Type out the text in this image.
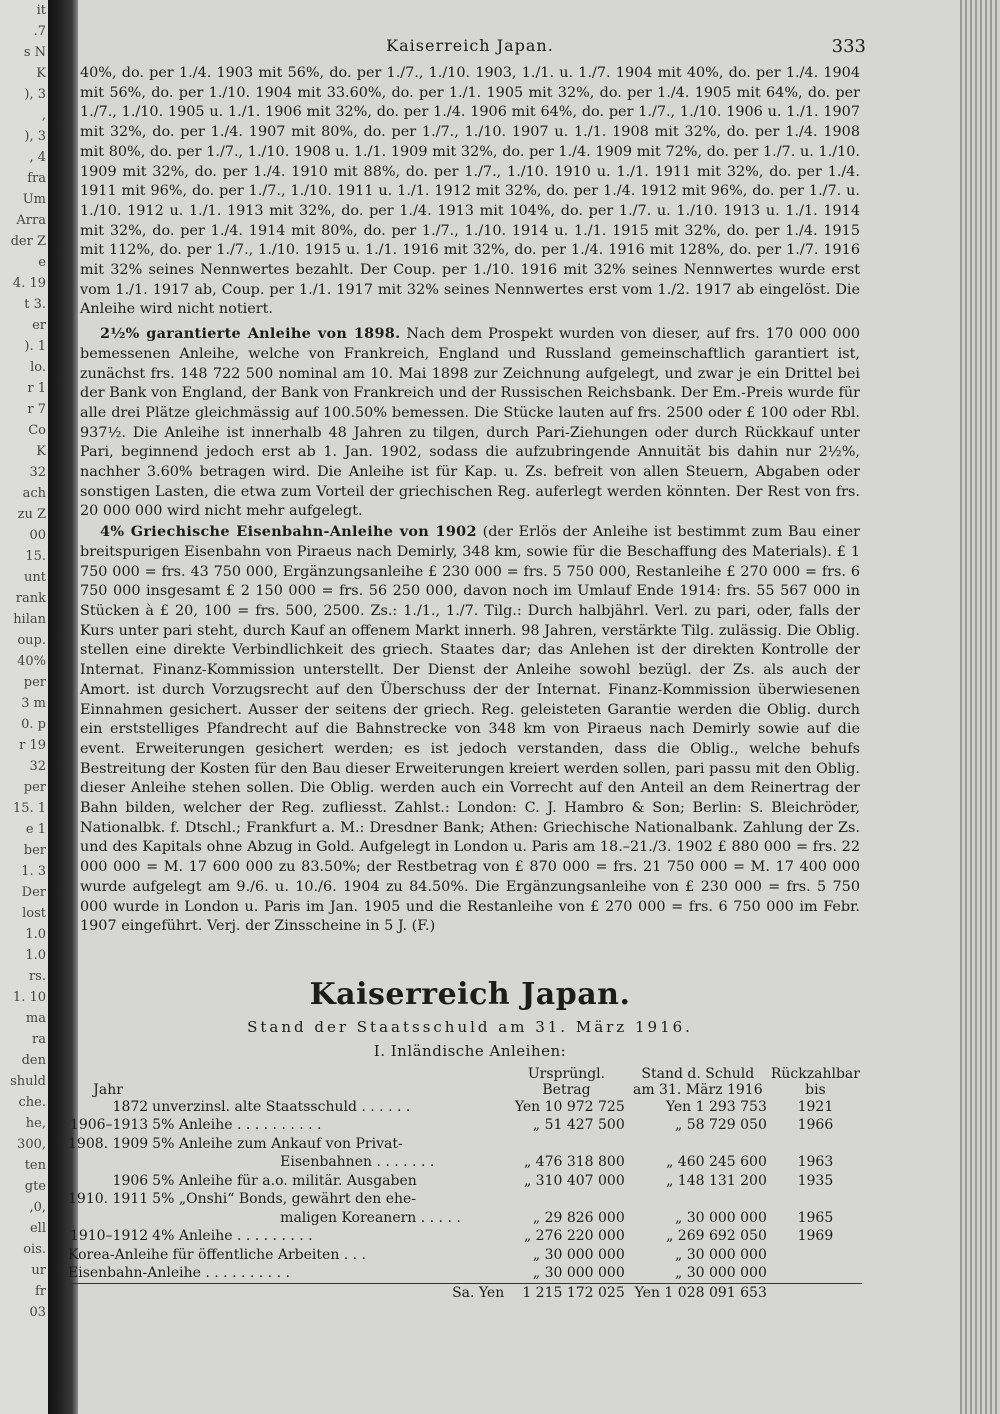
it
.7
s N
K
), 3
,
), 3
, 4
fra
Um
Arra
der Z
e
4. 19
t 3.
er
). 1
lo.
r 1
r 7
Co
K
32
ach
zu Z
00
15.
unt
rank
hilan
oup.
40%
per
3 m
0. p
r 19
32
per
15. 1
e 1
ber
1. 3
Der
lost
1.0
1.0
rs.
1. 10
ma
ra
den
shuld
che.
he,
300,
ten
gte
,0,
ell
ois.
ur
fr
03
Kaiserreich Japan.	333

40%, do. per 1./4. 1903 mit 56%, do. per 1./7., 1./10. 1903, 1./1. u. 1./7. 1904 mit 40%, do. per 1./4. 1904 mit 56%, do. per 1./10. 1904 mit 33.60%, do. per 1./1. 1905 mit 32%, do. per 1./4. 1905 mit 64%, do. per 1./7., 1./10. 1905 u. 1./1. 1906 mit 32%, do. per 1./4. 1906 mit 64%, do. per 1./7., 1./10. 1906 u. 1./1. 1907 mit 32%, do. per 1./4. 1907 mit 80%, do. per 1./7., 1./10. 1907 u. 1./1. 1908 mit 32%, do. per 1./4. 1908 mit 80%, do. per 1./7., 1./10. 1908 u. 1./1. 1909 mit 32%, do. per 1./4. 1909 mit 72%, do. per 1./7. u. 1./10. 1909 mit 32%, do. per 1./4. 1910 mit 88%, do. per 1./7., 1./10. 1910 u. 1./1. 1911 mit 32%, do. per 1./4. 1911 mit 96%, do. per 1./7., 1./10. 1911 u. 1./1. 1912 mit 32%, do. per 1./4. 1912 mit 96%, do. per 1./7. u. 1./10. 1912 u. 1./1. 1913 mit 32%, do. per 1./4. 1913 mit 104%, do. per 1./7. u. 1./10. 1913 u. 1./1. 1914 mit 32%, do. per 1./4. 1914 mit 80%, do. per 1./7., 1./10. 1914 u. 1./1. 1915 mit 32%, do. per 1./4. 1915 mit 112%, do. per 1./7., 1./10. 1915 u. 1./1. 1916 mit 32%, do. per 1./4. 1916 mit 128%, do. per 1./7. 1916 mit 32% seines Nennwertes bezahlt. Der Coup. per 1./10. 1916 mit 32% seines Nennwertes wurde erst vom 1./1. 1917 ab, Coup. per 1./1. 1917 mit 32% seines Nennwertes erst vom 1./2. 1917 ab eingelöst. Die Anleihe wird nicht notiert.

2½% garantierte Anleihe von 1898. Nach dem Prospekt wurden von dieser, auf frs. 170 000 000 bemessenen Anleihe, welche von Frankreich, England und Russland gemeinschaftlich garantiert ist, zunächst frs. 148 722 500 nominal am 10. Mai 1898 zur Zeichnung aufgelegt, und zwar je ein Drittel bei der Bank von England, der Bank von Frankreich und der Russischen Reichsbank. Der Em.-Preis wurde für alle drei Plätze gleichmässig auf 100.50% bemessen. Die Stücke lauten auf frs. 2500 oder £ 100 oder Rbl. 937½. Die Anleihe ist innerhalb 48 Jahren zu tilgen, durch Pari-Ziehungen oder durch Rückkauf unter Pari, beginnend jedoch erst ab 1. Jan. 1902, sodass die aufzubringende Annuität bis dahin nur 2½%, nachher 3.60% betragen wird. Die Anleihe ist für Kap. u. Zs. befreit von allen Steuern, Abgaben oder sonstigen Lasten, die etwa zum Vorteil der griechischen Reg. auferlegt werden könnten. Der Rest von frs. 20 000 000 wird nicht mehr aufgelegt.

4% Griechische Eisenbahn-Anleihe von 1902 (der Erlös der Anleihe ist bestimmt zum Bau einer breitspurigen Eisenbahn von Piraeus nach Demirly, 348 km, sowie für die Beschaffung des Materials). £ 1 750 000 = frs. 43 750 000, Ergänzungsanleihe £ 230 000 = frs. 5 750 000, Restanleihe £ 270 000 = frs. 6 750 000 insgesamt £ 2 150 000 = frs. 56 250 000, davon noch im Umlauf Ende 1914: frs. 55 567 000 in Stücken à £ 20, 100 = frs. 500, 2500. Zs.: 1./1., 1./7. Tilg.: Durch halbjährl. Verl. zu pari, oder, falls der Kurs unter pari steht, durch Kauf an offenem Markt innerh. 98 Jahren, verstärkte Tilg. zulässig. Die Oblig. stellen eine direkte Verbindlichkeit des griech. Staates dar; das Anlehen ist der direkten Kontrolle der Internat. Finanz-Kommission unterstellt. Der Dienst der Anleihe sowohl bezügl. der Zs. als auch der Amort. ist durch Vorzugsrecht auf den Überschuss der der Internat. Finanz-Kommission überwiesenen Einnahmen gesichert. Ausser der seitens der griech. Reg. geleisteten Garantie werden die Oblig. durch ein erststelliges Pfandrecht auf die Bahnstrecke von 348 km von Piraeus nach Demirly sowie auf die event. Erweiterungen gesichert werden; es ist jedoch verstanden, dass die Oblig., welche behufs Bestreitung der Kosten für den Bau dieser Erweiterungen kreiert werden sollen, pari passu mit den Oblig. dieser Anleihe stehen sollen. Die Oblig. werden auch ein Vorrecht auf den Anteil an dem Reinertrag der Bahn bilden, welcher der Reg. zufliesst. Zahlst.: London: C. J. Hambro & Son; Berlin: S. Bleichröder, Nationalbk. f. Dtschl.; Frankfurt a. M.: Dresdner Bank; Athen: Griechische Nationalbank. Zahlung der Zs. und des Kapitals ohne Abzug in Gold. Aufgelegt in London u. Paris am 18.–21./3. 1902 £ 880 000 = frs. 22 000 000 = M. 17 600 000 zu 83.50%; der Restbetrag von £ 870 000 = frs. 21 750 000 = M. 17 400 000 wurde aufgelegt am 9./6. u. 10./6. 1904 zu 84.50%. Die Ergänzungsanleihe von £ 230 000 = frs. 5 750 000 wurde in London u. Paris im Jan. 1905 und die Restanleihe von £ 270 000 = frs. 6 750 000 im Febr. 1907 eingeführt. Verj. der Zinsscheine in 5 J. (F.)

Kaiserreich Japan.
Stand der Staatsschuld am 31. März 1916.
I. Inländische Anleihen:
Jahr		Ursprüngl. Betrag	Stand d. Schuld am 31. März 1916	Rückzahlbar bis
1872	unverzinsl. alte Staatsschuld . . . . . .	Yen 10 972 725	Yen 1 293 753	1921
1906–1913	5% Anleihe . . . . . . . . . .	„ 51 427 500	„ 58 729 050	1966
1908. 1909	5% Anleihe zum Ankauf von Privat-			
	Eisenbahnen . . . . . . .	„ 476 318 800	„ 460 245 600	1963
1906	5% Anleihe für a.o. militär. Ausgaben	„ 310 407 000	„ 148 131 200	1935
1910. 1911	5% „Onshi“ Bonds, gewährt den ehe-			
	maligen Koreanern . . . . .	„ 29 826 000	„ 30 000 000	1965
1910–1912	4% Anleihe . . . . . . . . .	„ 276 220 000	„ 269 692 050	1969
Korea-Anleihe für öffentliche Arbeiten . . .		„ 30 000 000	„ 30 000 000	
Eisenbahn-Anleihe . . . . . . . . . .		„ 30 000 000	„ 30 000 000	
	Sa. Yen	1 215 172 025	Yen 1 028 091 653	
